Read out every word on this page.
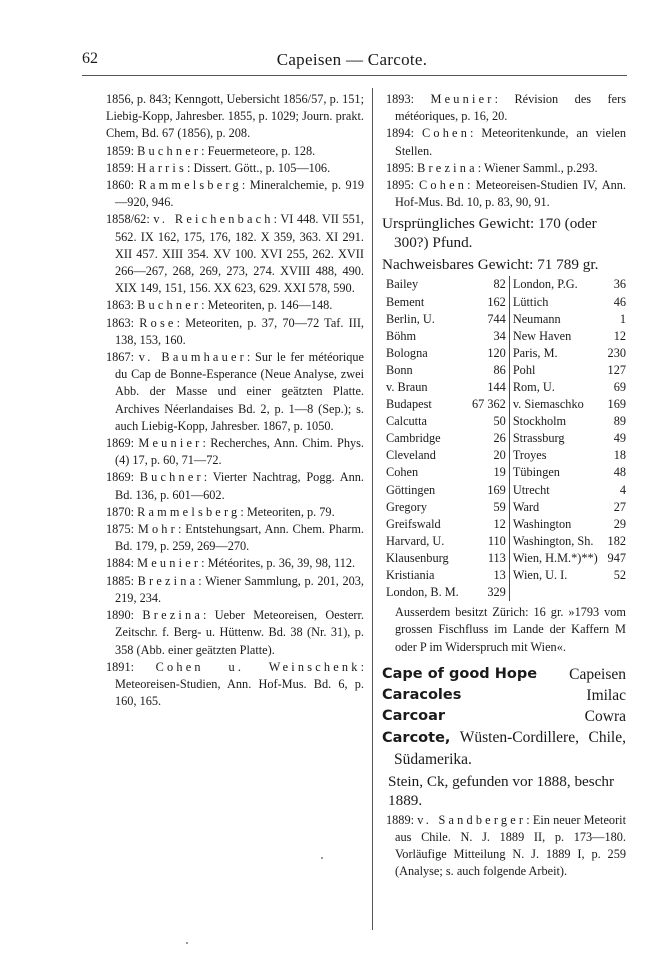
62	Capeisen — Carcote.

1856, p. 843; Kenngott, Uebersicht 1856/57, p. 151; Liebig-Kopp, Jahresber. 1855, p. 1029; Journ. prakt. Chem, Bd. 67 (1856), p. 208.

1859: Buchner: Feuermeteore, p. 128.

1859: Harris: Dissert. Gött., p. 105—106.

1860: Rammelsberg: Mineralchemie, p. 919—920, 946.

1858/62: v. Reichenbach: VI 448. VII 551, 562. IX 162, 175, 176, 182. X 359, 363. XI 291. XII 457. XIII 354. XV 100. XVI 255, 262. XVII 266—267, 268, 269, 273, 274. XVIII 488, 490. XIX 149, 151, 156. XX 623, 629. XXI 578, 590.

1863: Buchner: Meteoriten, p. 146—148.

1863: Rose: Meteoriten, p. 37, 70—72 Taf. III, 138, 153, 160.

1867: v. Baumhauer: Sur le fer météorique du Cap de Bonne-Esperance (Neue Analyse, zwei Abb. der Masse und einer geätzten Platte. Archives Néerlandaises Bd. 2, p. 1—8 (Sep.); s. auch Liebig-Kopp, Jahresber. 1867, p. 1050.

1869: Meunier: Recherches, Ann. Chim. Phys. (4) 17, p. 60, 71—72.

1869: Buchner: Vierter Nachtrag, Pogg. Ann. Bd. 136, p. 601—602.

1870: Rammelsberg: Meteoriten, p. 79.

1875: Mohr: Entstehungsart, Ann. Chem. Pharm. Bd. 179, p. 259, 269—270.

1884: Meunier: Météorites, p. 36, 39, 98, 112.

1885: Brezina: Wiener Sammlung, p. 201, 203, 219, 234.

1890: Brezina: Ueber Meteoreisen, Oesterr. Zeitschr. f. Berg- u. Hüttenw. Bd. 38 (Nr. 31), p. 358 (Abb. einer geätzten Platte).

1891: Cohen u. Weinschenk: Meteoreisen-Studien, Ann. Hof-Mus. Bd. 6, p. 160, 165.

1893: Meunier: Révision des fers météoriques, p. 16, 20.

1894: Cohen: Meteoritenkunde, an vielen Stellen.

1895: Brezina: Wiener Samml., p.293.

1895: Cohen: Meteoreisen-Studien IV, Ann. Hof-Mus. Bd. 10, p. 83, 90, 91.

Ursprüngliches Gewicht: 170 (oder 300?) Pfund.

Nachweisbares Gewicht: 71 789 gr.

Bailey	82	London, P.G.	36
Bement	162	Lüttich	46
Berlin, U.	744	Neumann	1
Böhm	34	New Haven	12
Bologna	120	Paris, M.	230
Bonn	86	Pohl	127
v. Braun	144	Rom, U.	69
Budapest	67 362	v. Siemaschko	169
Calcutta	50	Stockholm	89
Cambridge	26	Strassburg	49
Cleveland	20	Troyes	18
Cohen	19	Tübingen	48
Göttingen	169	Utrecht	4
Gregory	59	Ward	27
Greifswald	12	Washington	29
Harvard, U.	110	Washington, Sh.	182
Klausenburg	113	Wien, H.M.*)**)	947
Kristiania	13	Wien, U. I.	52
London, B. M.	329		

Ausserdem besitzt Zürich: 16 gr. »1793 vom grossen Fischfluss im Lande der Kaffern M oder P im Widerspruch mit Wien«.

Cape of good Hope Capeisen
Caracoles	Imilac
Carcoar	Cowra

Carcote, Wüsten-Cordillere, Chile, Südamerika.

Stein, Ck, gefunden vor 1888, beschr 1889.

1889: v. Sandberger: Ein neuer Meteorit aus Chile. N. J. 1889 II, p. 173—180. Vorläufige Mitteilung N. J. 1889 I, p. 259 (Analyse; s. auch folgende Arbeit).
